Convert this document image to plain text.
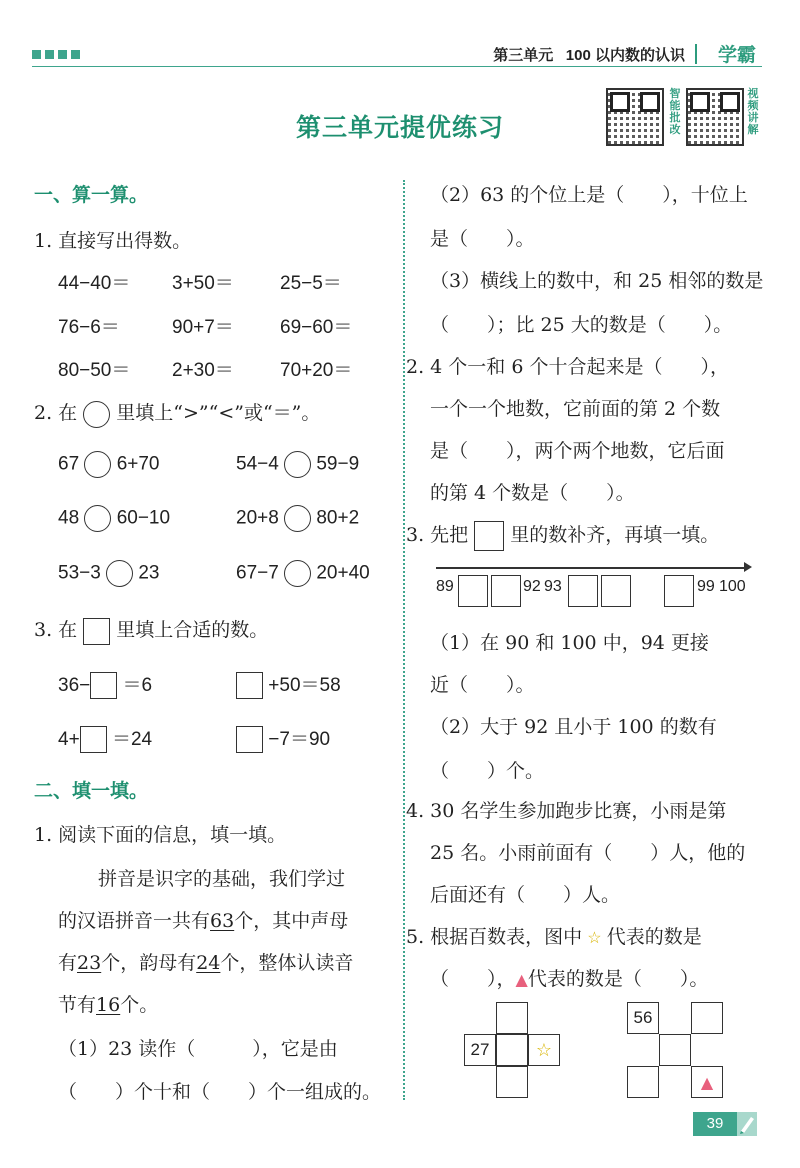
第三单元 100 以内数的认识 学霸
第三单元提优练习
智能批改
视频讲解
一、算一算。
1. 直接写出得数。
44−40＝ 3+50＝ 25−5＝
76−6＝	90+7＝ 69−60＝
80−50＝ 2+30＝ 70+20＝
2. 在 里填上“>”“<”或“＝”。
67 6+70	54−4 59−9
48 60−10	20+8 80+2
53−3 23	67−7 20+40
3. 在 里填上合适的数。
36− ＝6	+50＝58
4+ ＝24	−7＝90
二、填一填。
1. 阅读下面的信息，填一填。
拼音是识字的基础，我们学过
的汉语拼音一共有63个，其中声母
有23个，韵母有24个，整体认读音
节有16个。
（1）23 读作（　　　），它是由
（　　）个十和（　　）个一组成的。
（2）63 的个位上是（　　），十位上
是（　　）。
（3）横线上的数中，和 25 相邻的数是
（　　）；比 25 大的数是（　　）。
2. 4 个一和 6 个十合起来是（　　），
一个一个地数，它前面的第 2 个数
是（　　），两个两个地数，它后面
的第 4 个数是（　　）。
3. 先把 里的数补齐，再填一填。
89	92 93	99 100
（1）在 90 和 100 中，94 更接
近（　　）。
（2）大于 92 且小于 100 的数有
（　　）个。
4. 30 名学生参加跑步比赛，小雨是第
25 名。小雨前面有（　　）人，他的
后面还有（　　）人。
5. 根据百数表，图中 ☆ 代表的数是
（　　），▲代表的数是（　　）。
27	☆
56
▲
39
